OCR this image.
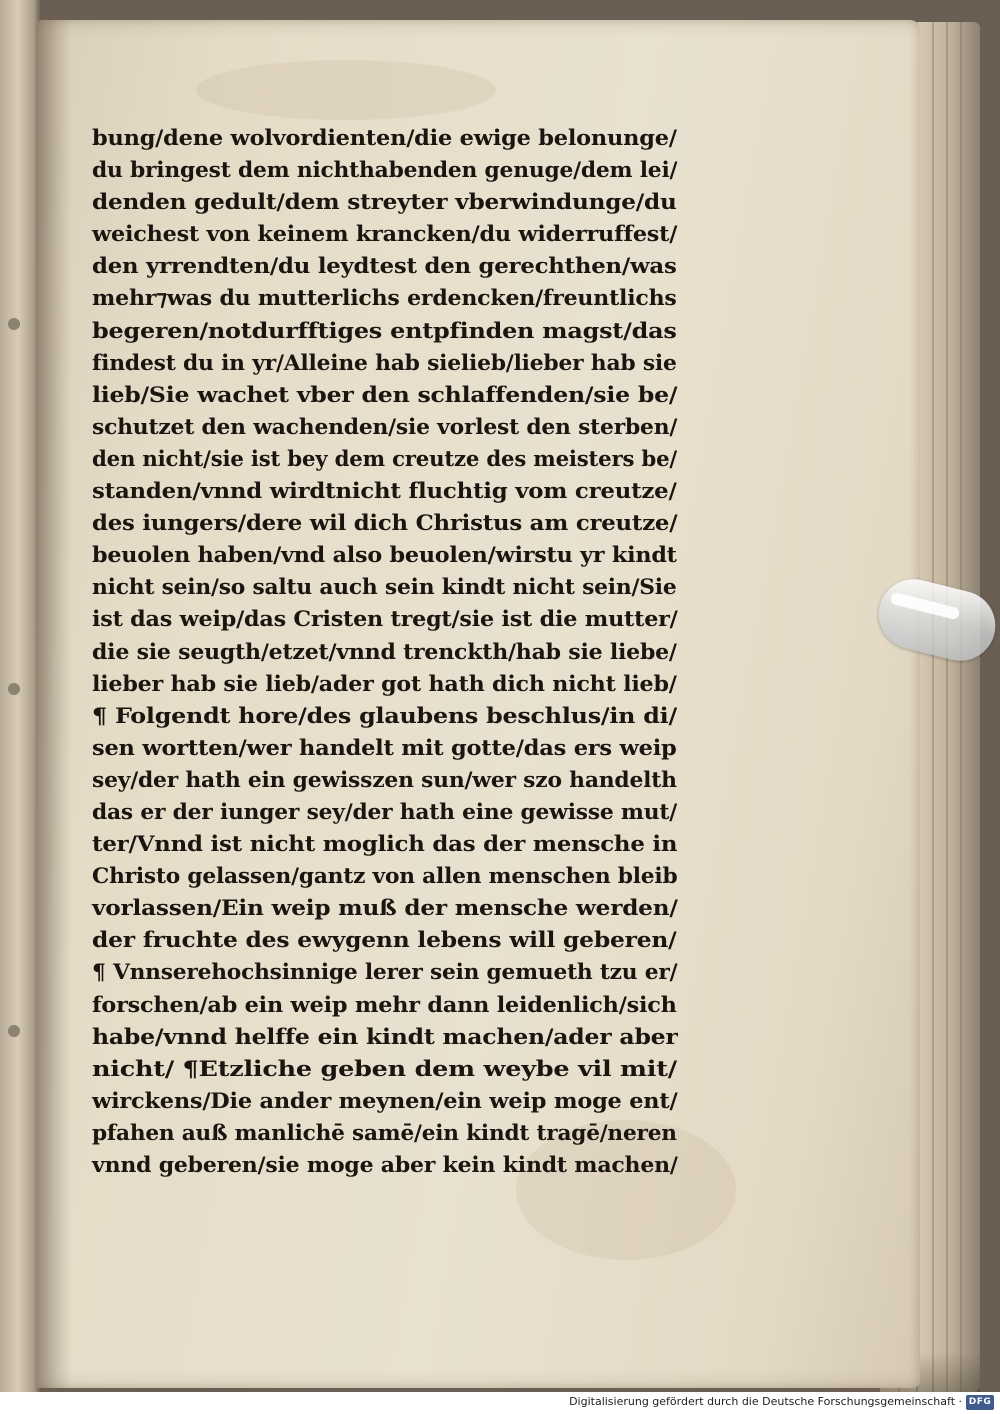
bung/dene wolvordienten/die ewige belonunge/
du bringest dem nichthabenden genuge/dem lei/
denden gedult/dem streyter vberwindunge/du
weichest von keinem krancken/du widerruffest/
den yrrendten/du leydtest den gerechthen/was
mehr⁊was du mutterlichs erdencken/freuntlichs
begeren/notdurfftiges entpfinden magst/das
findest du in yr/Alleine hab sielieb/lieber hab sie
lieb/Sie wachet vber den schlaffenden/sie be/
schutzet den wachenden/sie vorlest den sterben/
den nicht/sie ist bey dem creutze des meisters be/
standen/vnnd wirdtnicht fluchtig vom creutze/
des iungers/dere wil dich Christus am creutze/
beuolen haben/vnd also beuolen/wirstu yr kindt
nicht sein/so saltu auch sein kindt nicht sein/Sie
ist das weip/das Cristen tregt/sie ist die mutter/
die sie seugth/etzet/vnnd trenckth/hab sie liebe/
lieber hab sie lieb/ader got hath dich nicht lieb/
¶ Folgendt hore/des glaubens beschlus/in di/
sen wortten/wer handelt mit gotte/das ers weip
sey/der hath ein gewisszen sun/wer szo handelth
das er der iunger sey/der hath eine gewisse mut/
ter/Vnnd ist nicht moglich das der mensche in
Christo gelassen/gantz von allen menschen bleib
vorlassen/Ein weip muß der mensche werden/
der fruchte des ewygenn lebens will geberen/
¶ Vnnserehochsinnige lerer sein gemueth tzu er/
forschen/ab ein weip mehr dann leidenlich/sich
habe/vnnd helffe ein kindt machen/ader aber
nicht/ ¶Etzliche geben dem weybe vil mit/
wirckens/Die ander meynen/ein weip moge ent/
pfahen auß manlichē samē/ein kindt tragē/neren
vnnd geberen/sie moge aber kein kindt machen/
Digitalisierung gefördert durch die Deutsche Forschungsgemeinschaft · DFG
